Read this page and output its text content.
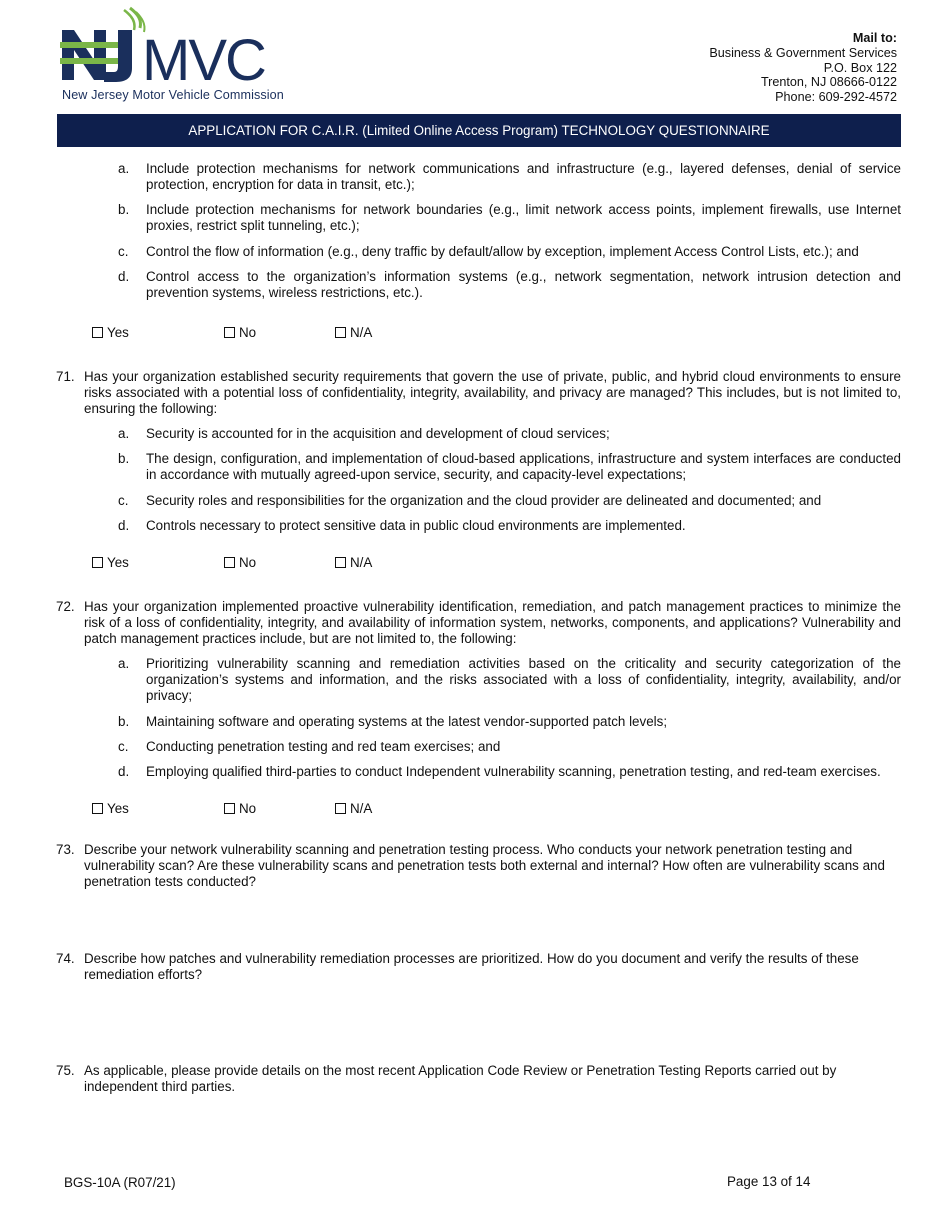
MVC
New Jersey Motor Vehicle Commission
Mail to:
Business & Government Services
P.O. Box 122
Trenton, NJ 08666-0122
Phone: 609-292-4572
APPLICATION FOR C.A.I.R. (Limited Online Access Program) TECHNOLOGY QUESTIONNAIRE
a. Include protection mechanisms for network communications and infrastructure (e.g., layered defenses, denial of service protection, encryption for data in transit, etc.);
b. Include protection mechanisms for network boundaries (e.g., limit network access points, implement firewalls, use Internet proxies, restrict split tunneling, etc.);
c. Control the flow of information (e.g., deny traffic by default/allow by exception, implement Access Control Lists, etc.); and
d. Control access to the organization’s information systems (e.g., network segmentation, network intrusion detection and prevention systems, wireless restrictions, etc.).
Yes	No	N/A
71. Has your organization established security requirements that govern the use of private, public, and hybrid cloud environments to ensure risks associated with a potential loss of confidentiality, integrity, availability, and privacy are managed? This includes, but is not limited to, ensuring the following:
a. Security is accounted for in the acquisition and development of cloud services;
b. The design, configuration, and implementation of cloud-based applications, infrastructure and system interfaces are conducted in accordance with mutually agreed-upon service, security, and capacity-level expectations;
c. Security roles and responsibilities for the organization and the cloud provider are delineated and documented; and
d. Controls necessary to protect sensitive data in public cloud environments are implemented.
Yes	No	N/A
72. Has your organization implemented proactive vulnerability identification, remediation, and patch management practices to minimize the risk of a loss of confidentiality, integrity, and availability of information system, networks, components, and applications? Vulnerability and patch management practices include, but are not limited to, the following:
a. Prioritizing vulnerability scanning and remediation activities based on the criticality and security categorization of the organization’s systems and information, and the risks associated with a loss of confidentiality, integrity, availability, and/or privacy;
b. Maintaining software and operating systems at the latest vendor-supported patch levels;
c. Conducting penetration testing and red team exercises; and
d. Employing qualified third-parties to conduct Independent vulnerability scanning, penetration testing, and red-team exercises.
Yes	No	N/A
73. Describe your network vulnerability scanning and penetration testing process. Who conducts your network penetration testing and vulnerability scan? Are these vulnerability scans and penetration tests both external and internal? How often are vulnerability scans and penetration tests conducted?
74. Describe how patches and vulnerability remediation processes are prioritized. How do you document and verify the results of these remediation efforts?
75. As applicable, please provide details on the most recent Application Code Review or Penetration Testing Reports carried out by independent third parties.
BGS-10A (R07/21)	Page 13 of 14
